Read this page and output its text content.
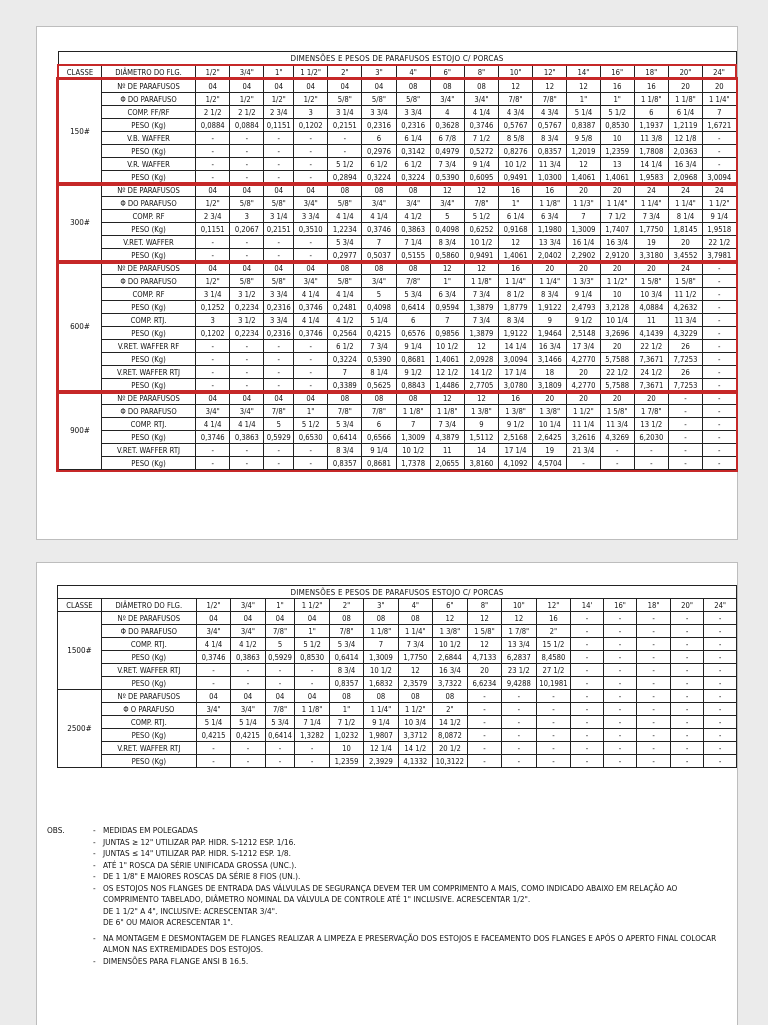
DIMENSÕES E PESOS DE PARAFUSOS ESTOJO C/ PORCAS																	
CLASSE	DIÂMETRO DO FLG.	1/2"	3/4"	1"	1 1/2"	2"	3"	4"	6"	8"	10"	12"	14"	16"	18"	20"	24"
150#	Nº DE PARAFUSOS	04	04	04	04	04	04	08	08	08	12	12	12	16	16	20	20
	Φ DO PARAFUSO	1/2"	1/2"	1/2"	1/2"	5/8"	5/8"	5/8"	3/4"	3/4"	7/8"	7/8"	1"	1"	1 1/8"	1 1/8"	1 1/4"
	COMP. FF/RF	2 1/2	2 1/2	2 3/4	3	3 1/4	3 3/4	3 3/4	4	4 1/4	4 3/4	4 3/4	5 1/4	5 1/2	6	6 1/4	7
	PESO (Kg)	0,0884	0,0884	0,1151	0,1202	0,2151	0,2316	0,2316	0,3628	0,3746	0,5767	0,5767	0,8387	0,8530	1,1937	1,2119	1,6721
	V.B. WAFFER	-	-	-	-	-	6	6 1/4	6 7/8	7 1/2	8 5/8	8 3/4	9 5/8	10	11 3/8	12 1/8	-
	PESO (Kg)	-	-	-	-	-	0,2976	0,3142	0,4979	0,5272	0,8276	0,8357	1,2019	1,2359	1,7808	2,0363	-
	V.R. WAFFER	-	-	-	-	5 1/2	6 1/2	6 1/2	7 3/4	9 1/4	10 1/2	11 3/4	12	13	14 1/4	16 3/4	-
	PESO (Kg)	-	-	-	-	0,2894	0,3224	0,3224	0,5390	0,6095	0,9491	1,0300	1,4061	1,4061	1,9583	2,0968	3,0094
300#	Nº DE PARAFUSOS	04	04	04	04	08	08	08	12	12	16	16	20	20	24	24	24
	Φ DO PARAFUSO	1/2"	5/8"	5/8"	3/4"	5/8"	3/4"	3/4"	3/4"	7/8"	1"	1 1/8"	1 1/3"	1 1/4"	1 1/4"	1 1/4"	1 1/2"
	COMP. RF	2 3/4	3	3 1/4	3 3/4	4 1/4	4 1/4	4 1/2	5	5 1/2	6 1/4	6 3/4	7	7 1/2	7 3/4	8 1/4	9 1/4
	PESO (Kg)	0,1151	0,2067	0,2151	0,3510	1,2234	0,3746	0,3863	0,4098	0,6252	0,9168	1,1980	1,3009	1,7407	1,7750	1,8145	1,9518
	V.RET. WAFFER	-	-	-	-	5 3/4	7	7 1/4	8 3/4	10 1/2	12	13 3/4	16 1/4	16 3/4	19	20	22 1/2
	PESO (Kg)	-	-	-	-	0,2977	0,5037	0,5155	0,5860	0,9491	1,4061	2,0402	2,2902	2,9120	3,3180	3,4552	3,7981
600#	Nº DE PARAFUSOS	04	04	04	04	08	08	08	12	12	16	20	20	20	20	24	-
	Φ DO PARAFUSO	1/2"	5/8"	5/8"	3/4"	5/8"	3/4"	7/8"	1"	1 1/8"	1 1/4"	1 1/4"	1 3/3"	1 1/2"	1 5/8"	1 5/8"	-
	COMP. RF	3 1/4	3 1/2	3 3/4	4 1/4	4 1/4	5	5 3/4	6 3/4	7 3/4	8 1/2	8 3/4	9 1/4	10	10 3/4	11 1/2	-
	PESO (Kg)	0,1252	0,2234	0,2316	0,3746	0,2481	0,4098	0,6414	0,9594	1,3879	1,8779	1,9122	2,4793	3,2128	4,0884	4,2632	-
	COMP. RTJ.	3	3 1/2	3 3/4	4 1/4	4 1/2	5 1/4	6	7	7 3/4	8 3/4	9	9 1/2	10 1/4	11	11 3/4	-
	PESO (Kg)	0,1202	0,2234	0,2316	0,3746	0,2564	0,4215	0,6576	0,9856	1,3879	1,9122	1,9464	2,5148	3,2696	4,1439	4,3229	-
	V.RET. WAFFER RF	-	-	-	-	6 1/2	7 3/4	9 1/4	10 1/2	12	14 1/4	16 3/4	17 3/4	20	22 1/2	26	-
	PESO (Kg)	-	-	-	-	0,3224	0,5390	0,8681	1,4061	2,0928	3,0094	3,1466	4,2770	5,7588	7,3671	7,7253	-
	V.RET. WAFFER RTJ	-	-	-	-	7	8 1/4	9 1/2	12 1/2	14 1/2	17 1/4	18	20	22 1/2	24 1/2	26	-
	PESO (Kg)	-	-	-	-	0,3389	0,5625	0,8843	1,4486	2,7705	3,0780	3,1809	4,2770	5,7588	7,3671	7,7253	-
900#	Nº DE PARAFUSOS	04	04	04	04	08	08	08	12	12	16	20	20	20	20	-	-
	Φ DO PARAFUSO	3/4"	3/4"	7/8"	1"	7/8"	7/8"	1 1/8"	1 1/8"	1 3/8"	1 3/8"	1 3/8"	1 1/2"	1 5/8"	1 7/8"	-	-
	COMP. RTJ.	4 1/4	4 1/4	5	5 1/2	5 3/4	6	7	7 3/4	9	9 1/2	10 1/4	11 1/4	11 3/4	13 1/2	-	-
	PESO (Kg)	0,3746	0,3863	0,5929	0,6530	0,6414	0,6566	1,3009	4,3879	1,5112	2,5168	2,6425	3,2616	4,3269	6,2030	-	-
	V.RET. WAFFER RTJ	-	-	-	-	8 3/4	9 1/4	10 1/2	11	14	17 1/4	19	21 3/4	-	-	-	-
	PESO (Kg)	-	-	-	-	0,8357	0,8681	1,7378	2,0655	3,8160	4,1092	4,5704	-	-	-	-	-
DIMENSÕES E PESOS DE PARAFUSOS ESTOJO C/ PORCAS																	
CLASSE	DIÂMETRO DO FLG.	1/2"	3/4"	1"	1 1/2"	2"	3"	4"	6"	8"	10"	12"	14'	16"	18"	20"	24"
1500#	Nº DE PARAFUSOS	04	04	04	04	08	08	08	12	12	12	16	-	-	-	-	-
	Φ DO PARAFUSO	3/4"	3/4"	7/8"	1"	7/8"	1 1/8"	1 1/4"	1 3/8"	1 5/8"	1 7/8"	2"	-	-	-	-	-
	COMP. RTJ.	4 1/4	4 1/2	5	5 1/2	5 3/4	7	7 3/4	10 1/2	12	13 3/4	15 1/2	-	-	-	-	-
	PESO (Kg)	0,3746	0,3863	0,5929	0,8530	0,6414	1,3009	1,7750	2,6844	4,7133	6,2837	8,4580	-	-	-	-	-
	V.RET. WAFFER RTJ	-	-	-	-	8 3/4	10 1/2	12	16 3/4	20	23 1/2	27 1/2	-	-	-	-	-
	PESO (Kg)	-	-	-	-	0,8357	1,6832	2,3579	3,7322	6,6234	9,4288	10,1981	-	-	-	-	-
2500#	Nº DE PARAFUSOS	04	04	04	04	08	08	08	08	-	-	-	-	-	-	-	-
	Φ O PARAFUSO	3/4"	3/4"	7/8"	1 1/8"	1"	1 1/4"	1 1/2"	2"	-	-	-	-	-	-	-	-
	COMP. RTJ.	5 1/4	5 1/4	5 3/4	7 1/4	7 1/2	9 1/4	10 3/4	14 1/2	-	-	-	-	-	-	-	-
	PESO (Kg)	0,4215	0,4215	0,6414	1,3282	1,0232	1,9807	3,3712	8,0872	-	-	-	-	-	-	-	-
	V.RET. WAFFER RTJ	-	-	-	-	10	12 1/4	14 1/2	20 1/2	-	-	-	-	-	-	-	-
	PESO (Kg)	-	-	-	-	1,2359	2,3929	4,1332	10,3122	-	-	-	-	-	-	-	-
OBS.	- MEDIDAS EM POLEGADAS
- JUNTAS ≥ 12" UTILIZAR PAP. HIDR. S-1212 ESP. 1/16.
- JUNTAS ≤ 14" UTILIZAR PAP. HIDR. S-1212 ESP. 1/8.
- ATÉ 1" ROSCA DA SÉRIE UNIFICADA GROSSA (UNC.).
- DE 1 1/8" E MAIORES ROSCAS DA SÉRIE 8 FIOS (UN.).
- OS ESTOJOS NOS FLANGES DE ENTRADA DAS VÁLVULAS DE SEGURANÇA DEVEM TER UM COMPRIMENTO A MAIS, COMO INDICADO ABAIXO EM RELAÇÃO AO COMPRIMENTO TABELADO, DIÂMETRO NOMINAL DA VÁLVULA DE CONTROLE ATÉ 1" INCLUSIVE. ACRESCENTAR 1/2".
DE 1 1/2" A 4", INCLUSIVE: ACRESCENTAR 3/4".
DE 6" OU MAIOR ACRESCENTAR 1".
- NA MONTAGEM E DESMONTAGEM DE FLANGES REALIZAR A LIMPEZA E PRESERVAÇÃO DOS ESTOJOS E FACEAMENTO DOS FLANGES E APÓS O APERTO FINAL COLOCAR ALMON NAS EXTREMIDADES DOS ESTOJOS.
- DIMENSÕES PARA FLANGE ANSI B 16.5.
